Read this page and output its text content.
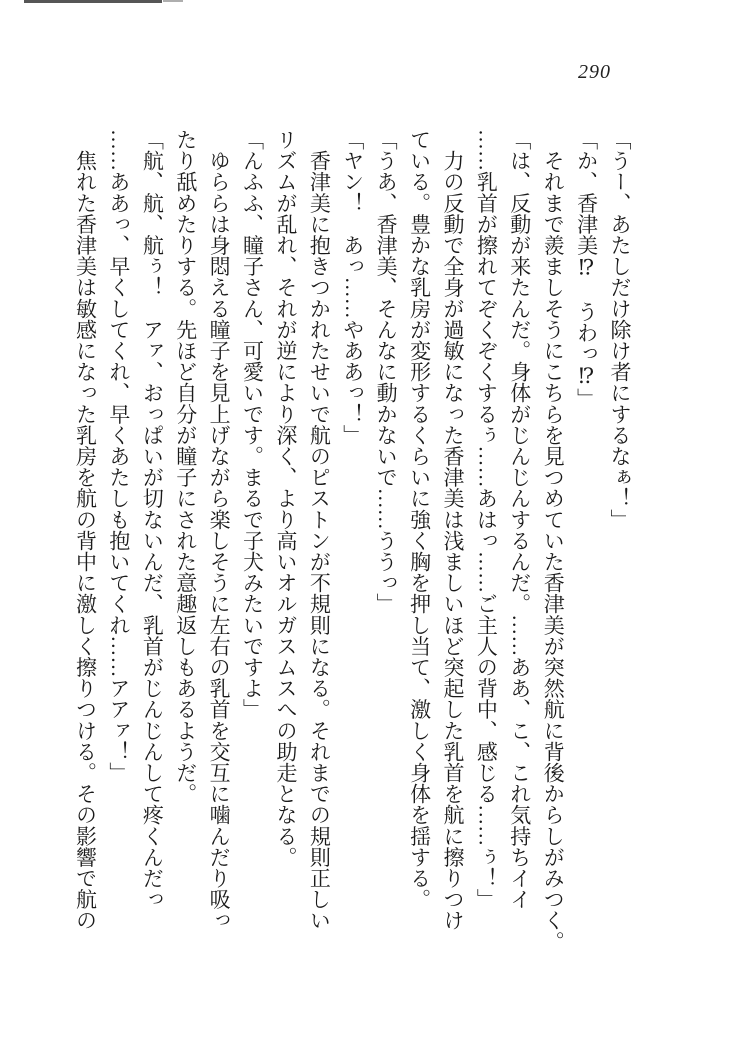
290
「うー、あたしだけ除け者にするなぁ！」
「か、香津美⁉　うわっ⁉」
　それまで羨ましそうにこちらを見つめていた香津美が突然航に背後からしがみつく。
「は、反動が来たんだ。身体がじんじんするんだ。……ああ、こ、これ気持ちイイ
……乳首が擦れてぞくぞくするぅ……あはっ……ご主人の背中、感じる……ぅ！」
　力の反動で全身が過敏になった香津美は浅ましいほど突起した乳首を航に擦りつけ
ている。豊かな乳房が変形するくらいに強く胸を押し当て、激しく身体を揺する。
「うあ、香津美、そんなに動かないで……ううっ」
「ヤン！　あっ……やああっ！」
　香津美に抱きつかれたせいで航のピストンが不規則になる。それまでの規則正しい
リズムが乱れ、それが逆により深く、より高いオルガスムスへの助走となる。
「んふふ、瞳子さん、可愛いです。まるで子犬みたいですよ」
　ゆららは身悶える瞳子を見上げながら楽しそうに左右の乳首を交互に噛んだり吸っ
たり舐めたりする。先ほど自分が瞳子にされた意趣返しもあるようだ。
「航、航、航ぅ！　アァ、おっぱいが切ないんだ、乳首がじんじんして疼くんだっ
……ああっ、早くしてくれ、早くあたしも抱いてくれ……アアァ！」
　焦れた香津美は敏感になった乳房を航の背中に激しく擦りつける。その影響で航の
